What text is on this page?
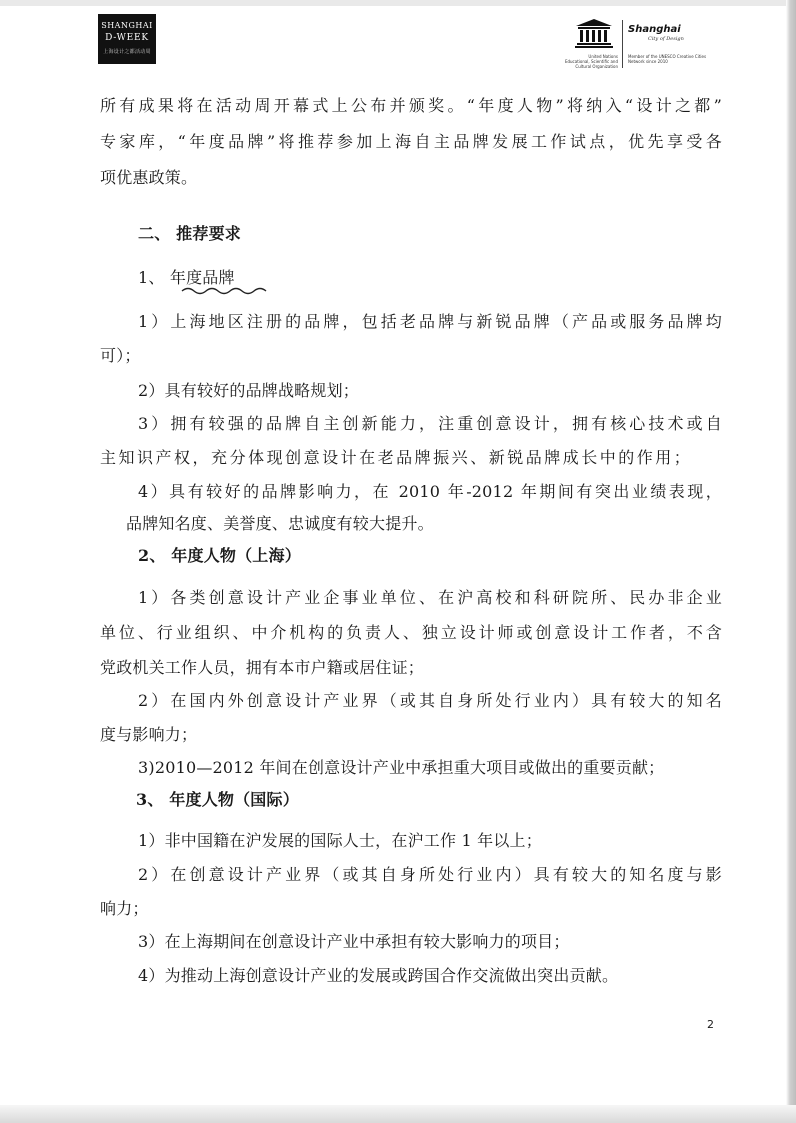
SHANGHAI
D-WEEK
上海设计之都活动周
United Nations Educational, Scientific and Cultural Organization
Shanghai
City of Design
Member of the UNESCO Creative Cities Network since 2010
所有成果将在活动周开幕式上公布并颁奖。“年度人物”将纳入“设计之都”
专家库，“年度品牌”将推荐参加上海自主品牌发展工作试点，优先享受各
项优惠政策。
二、 推荐要求
1、 年度品牌
1）上海地区注册的品牌，包括老品牌与新锐品牌（产品或服务品牌均
可）；
2）具有较好的品牌战略规划；
3）拥有较强的品牌自主创新能力，注重创意设计，拥有核心技术或自
主知识产权，充分体现创意设计在老品牌振兴、新锐品牌成长中的作用；
4）具有较好的品牌影响力，在 2010 年-2012 年期间有突出业绩表现，
品牌知名度、美誉度、忠诚度有较大提升。
2、 年度人物（上海）
1）各类创意设计产业企事业单位、在沪高校和科研院所、民办非企业
单位、行业组织、中介机构的负责人、独立设计师或创意设计工作者，不含
党政机关工作人员，拥有本市户籍或居住证；
2）在国内外创意设计产业界（或其自身所处行业内）具有较大的知名
度与影响力；
3)2010—2012 年间在创意设计产业中承担重大项目或做出的重要贡献；
3、 年度人物（国际）
1）非中国籍在沪发展的国际人士，在沪工作 1 年以上；
2）在创意设计产业界（或其自身所处行业内）具有较大的知名度与影
响力；
3）在上海期间在创意设计产业中承担有较大影响力的项目；
4）为推动上海创意设计产业的发展或跨国合作交流做出突出贡献。
2
